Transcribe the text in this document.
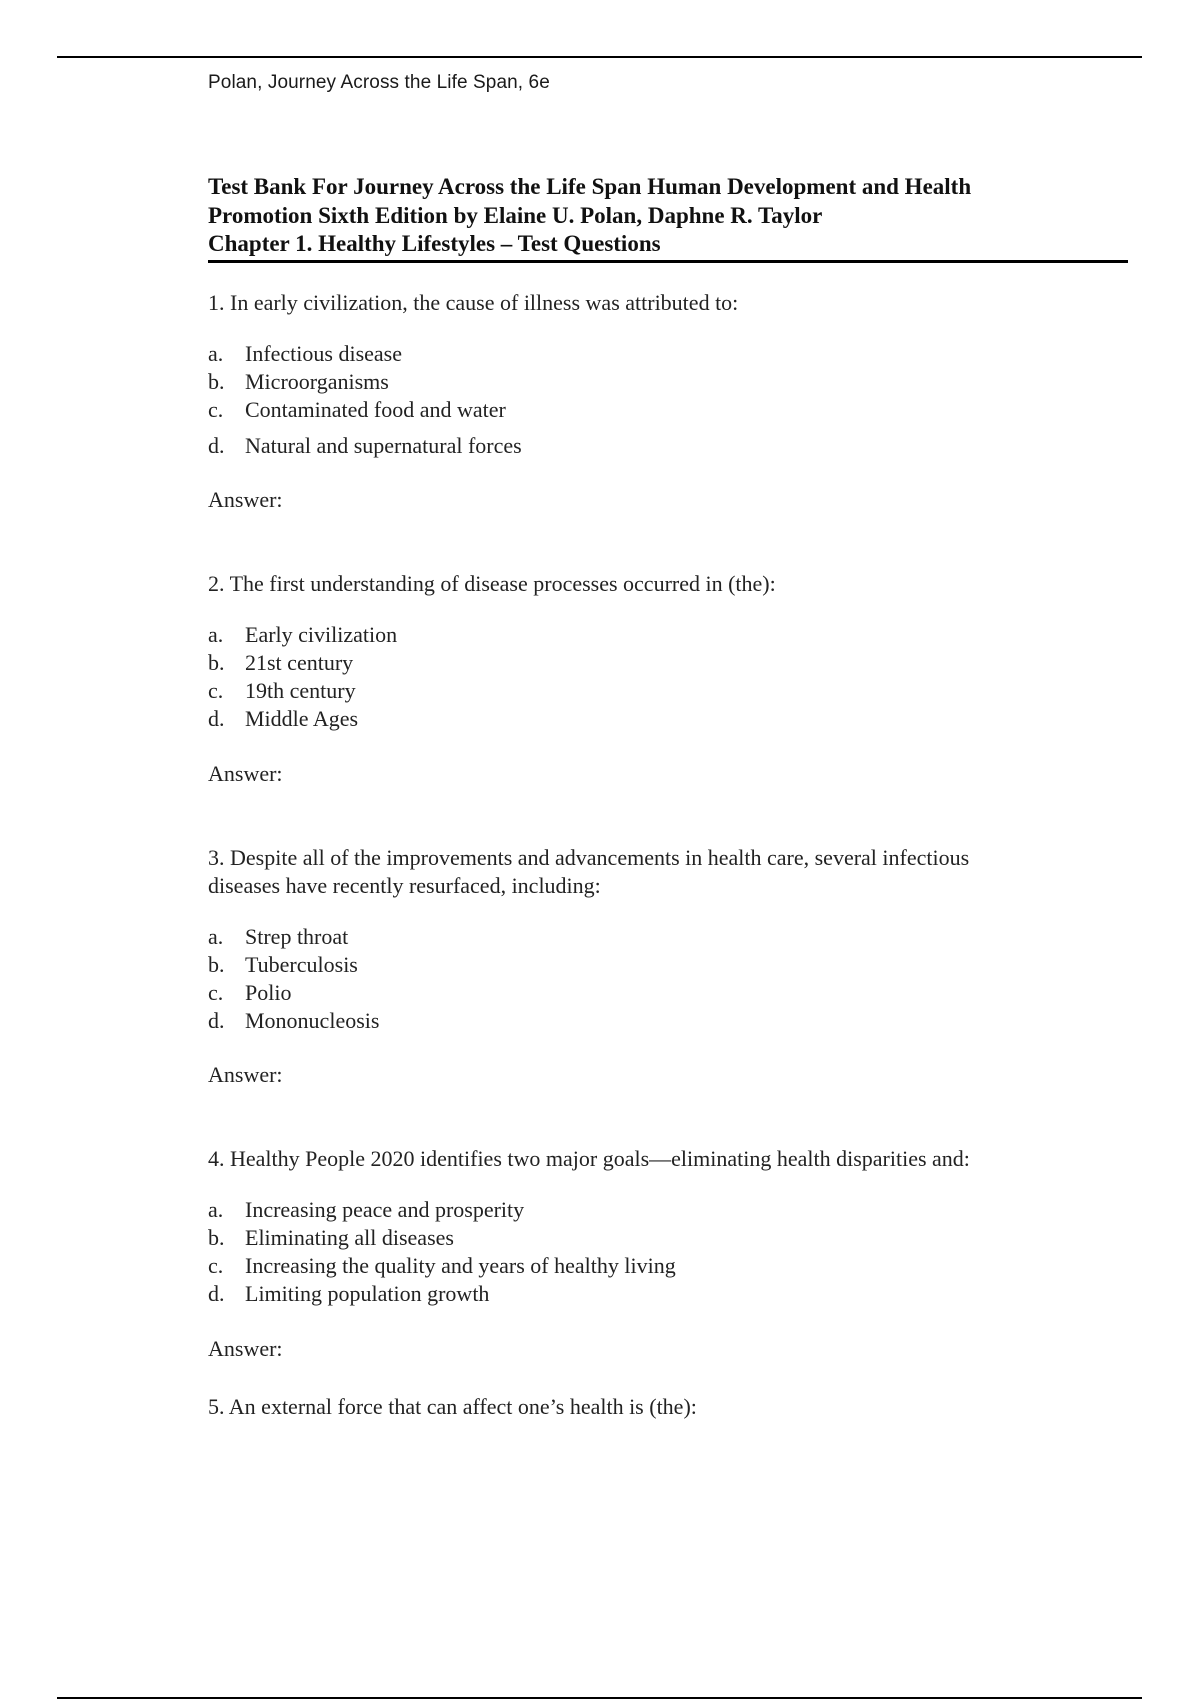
Polan, Journey Across the Life Span, 6e
Test Bank For Journey Across the Life Span Human Development and Health
Promotion Sixth Edition by Elaine U. Polan, Daphne R. Taylor
Chapter 1. Healthy Lifestyles – Test Questions
1. In early civilization, the cause of illness was attributed to:
a. Infectious disease
b. Microorganisms
c. Contaminated food and water
d. Natural and supernatural forces
Answer:
2. The first understanding of disease processes occurred in (the):
a. Early civilization
b. 21st century
c. 19th century
d. Middle Ages
Answer:
3. Despite all of the improvements and advancements in health care, several infectious
diseases have recently resurfaced, including:
a. Strep throat
b. Tuberculosis
c. Polio
d. Mononucleosis
Answer:
4. Healthy People 2020 identifies two major goals—eliminating health disparities and:
a. Increasing peace and prosperity
b. Eliminating all diseases
c. Increasing the quality and years of healthy living
d. Limiting population growth
Answer:
5. An external force that can affect one’s health is (the):
